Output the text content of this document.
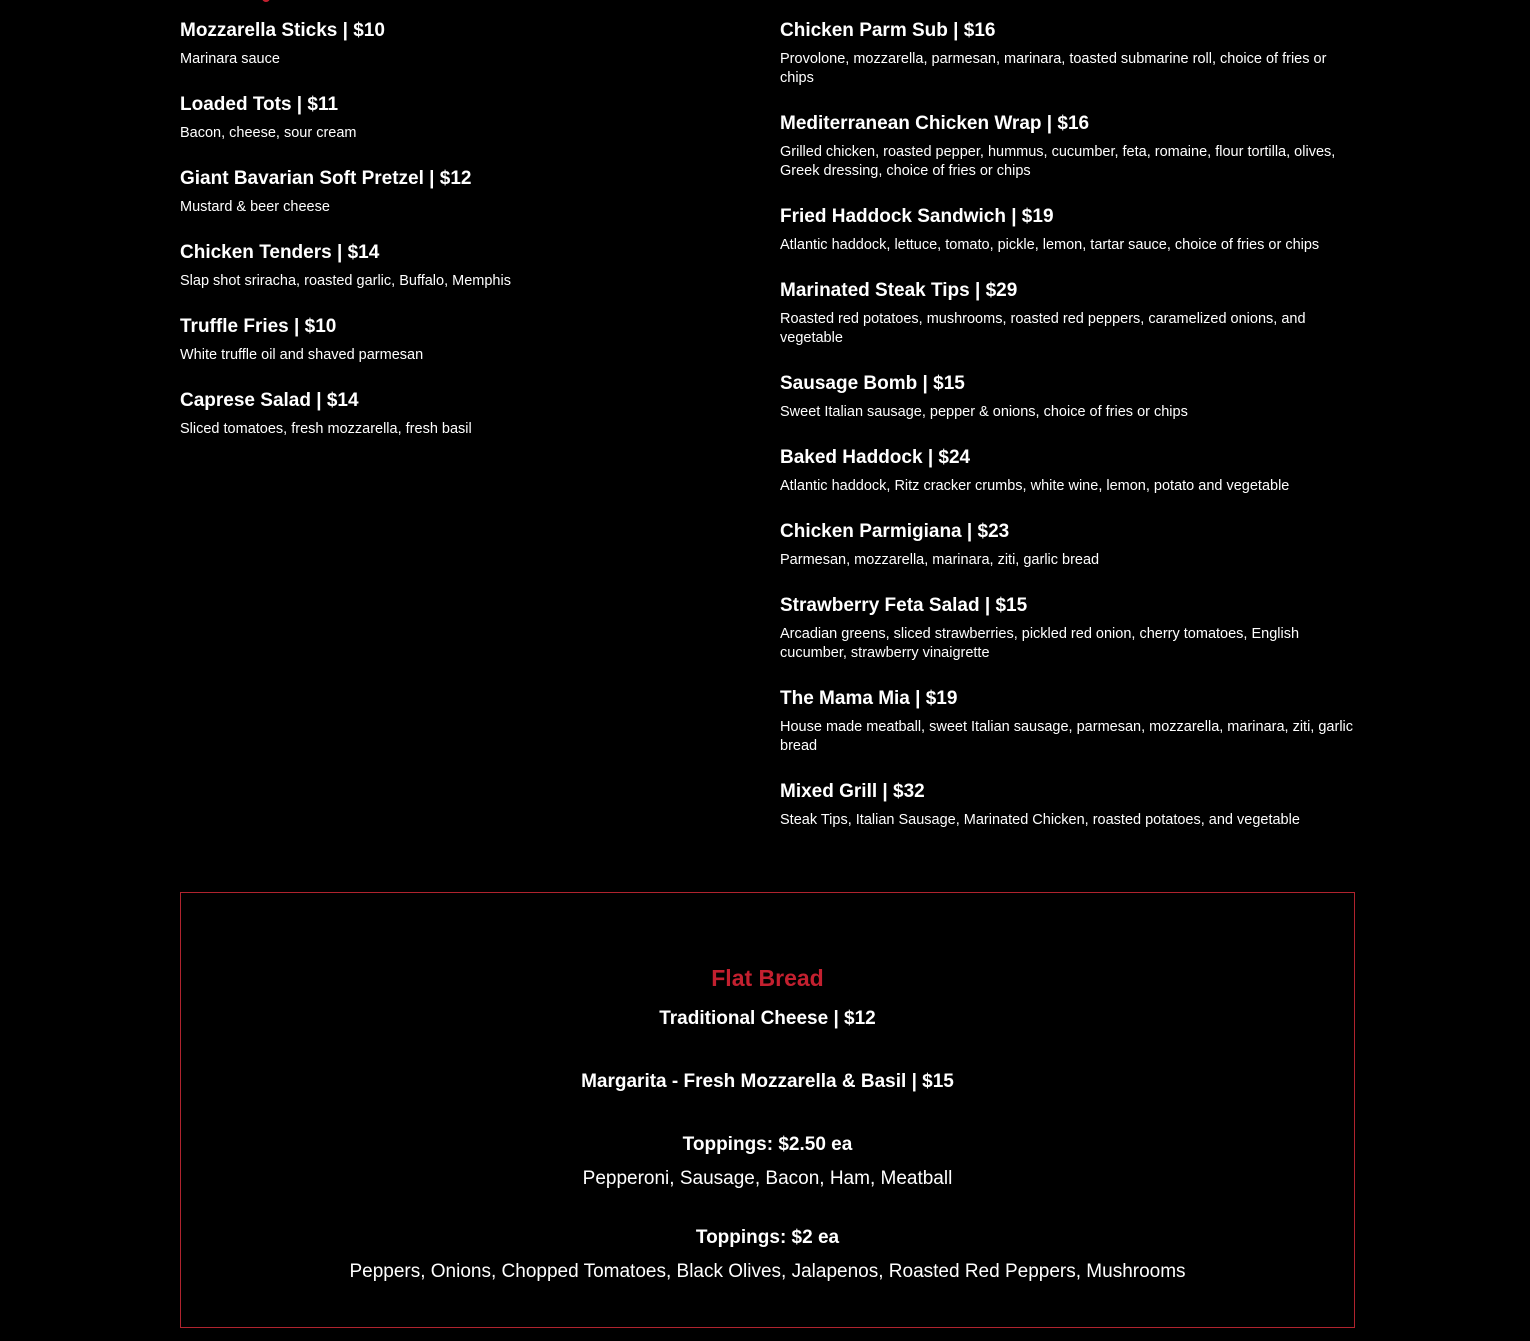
Mozzarella Sticks | $10

Marinara sauce

Loaded Tots | $11

Bacon, cheese, sour cream

Giant Bavarian Soft Pretzel | $12

Mustard & beer cheese

Chicken Tenders | $14

Slap shot sriracha, roasted garlic, Buffalo, Memphis

Truffle Fries | $10

White truffle oil and shaved parmesan

Caprese Salad | $14

Sliced tomatoes, fresh mozzarella, fresh basil

Chicken Parm Sub | $16

Provolone, mozzarella, parmesan, marinara, toasted submarine roll, choice of fries or chips

Mediterranean Chicken Wrap | $16

Grilled chicken, roasted pepper, hummus, cucumber, feta, romaine, flour tortilla, olives, Greek dressing, choice of fries or chips

Fried Haddock Sandwich | $19

Atlantic haddock, lettuce, tomato, pickle, lemon, tartar sauce, choice of fries or chips

Marinated Steak Tips | $29

Roasted red potatoes, mushrooms, roasted red peppers, caramelized onions, and vegetable

Sausage Bomb | $15

Sweet Italian sausage, pepper & onions, choice of fries or chips

Baked Haddock | $24

Atlantic haddock, Ritz cracker crumbs, white wine, lemon, potato and vegetable

Chicken Parmigiana | $23

Parmesan, mozzarella, marinara, ziti, garlic bread

Strawberry Feta Salad | $15

Arcadian greens, sliced strawberries, pickled red onion, cherry tomatoes, English cucumber, strawberry vinaigrette

The Mama Mia | $19

House made meatball, sweet Italian sausage, parmesan, mozzarella, marinara, ziti, garlic bread

Mixed Grill | $32

Steak Tips, Italian Sausage, Marinated Chicken, roasted potatoes, and vegetable

Flat Bread

Traditional Cheese | $12

Margarita - Fresh Mozzarella & Basil | $15

Toppings: $2.50 ea

Pepperoni, Sausage, Bacon, Ham, Meatball

Toppings: $2 ea

Peppers, Onions, Chopped Tomatoes, Black Olives, Jalapenos, Roasted Red Peppers, Mushrooms
